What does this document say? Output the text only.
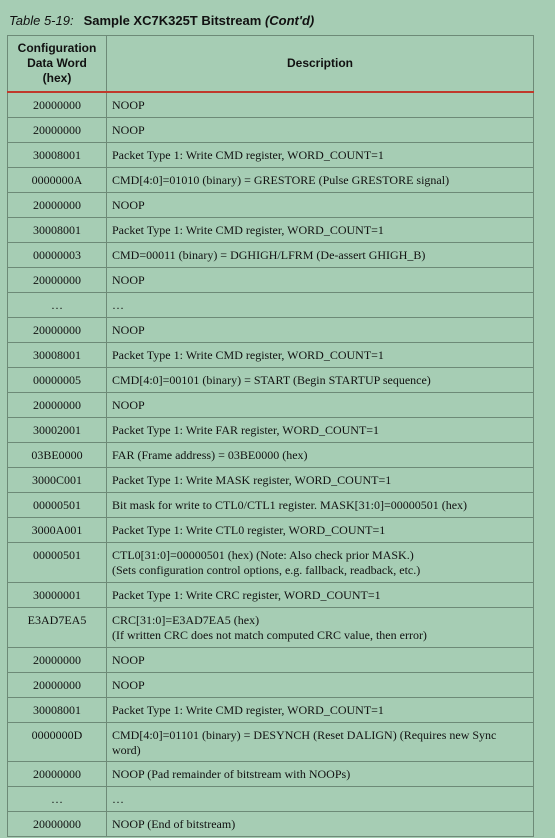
Table 5-19: Sample XC7K325T Bitstream (Cont'd)
Configuration
Data Word
(hex)	Description
20000000	NOOP

20000000	NOOP

30008001	Packet Type 1: Write CMD register, WORD_COUNT=1

0000000A	CMD[4:0]=01010 (binary) = GRESTORE (Pulse GRESTORE signal)

20000000	NOOP

30008001	Packet Type 1: Write CMD register, WORD_COUNT=1

00000003	CMD=00011 (binary) = DGHIGH/LFRM (De-assert GHIGH_B)

20000000	NOOP

…	…

20000000	NOOP

30008001	Packet Type 1: Write CMD register, WORD_COUNT=1

00000005	CMD[4:0]=00101 (binary) = START (Begin STARTUP sequence)

20000000	NOOP

30002001	Packet Type 1: Write FAR register, WORD_COUNT=1

03BE0000	FAR (Frame address) = 03BE0000 (hex)

3000C001	Packet Type 1: Write MASK register, WORD_COUNT=1

00000501	Bit mask for write to CTL0/CTL1 register. MASK[31:0]=00000501 (hex)

3000A001	Packet Type 1: Write CTL0 register, WORD_COUNT=1

00000501	CTL0[31:0]=00000501 (hex) (Note: Also check prior MASK.)
(Sets configuration control options, e.g. fallback, readback, etc.)

30000001	Packet Type 1: Write CRC register, WORD_COUNT=1

E3AD7EA5	CRC[31:0]=E3AD7EA5 (hex)
(If written CRC does not match computed CRC value, then error)

20000000	NOOP

20000000	NOOP

30008001	Packet Type 1: Write CMD register, WORD_COUNT=1

0000000D	CMD[4:0]=01101 (binary) = DESYNCH (Reset DALIGN) (Requires new Sync word)

20000000	NOOP (Pad remainder of bitstream with NOOPs)

…	…

20000000	NOOP (End of bitstream)
